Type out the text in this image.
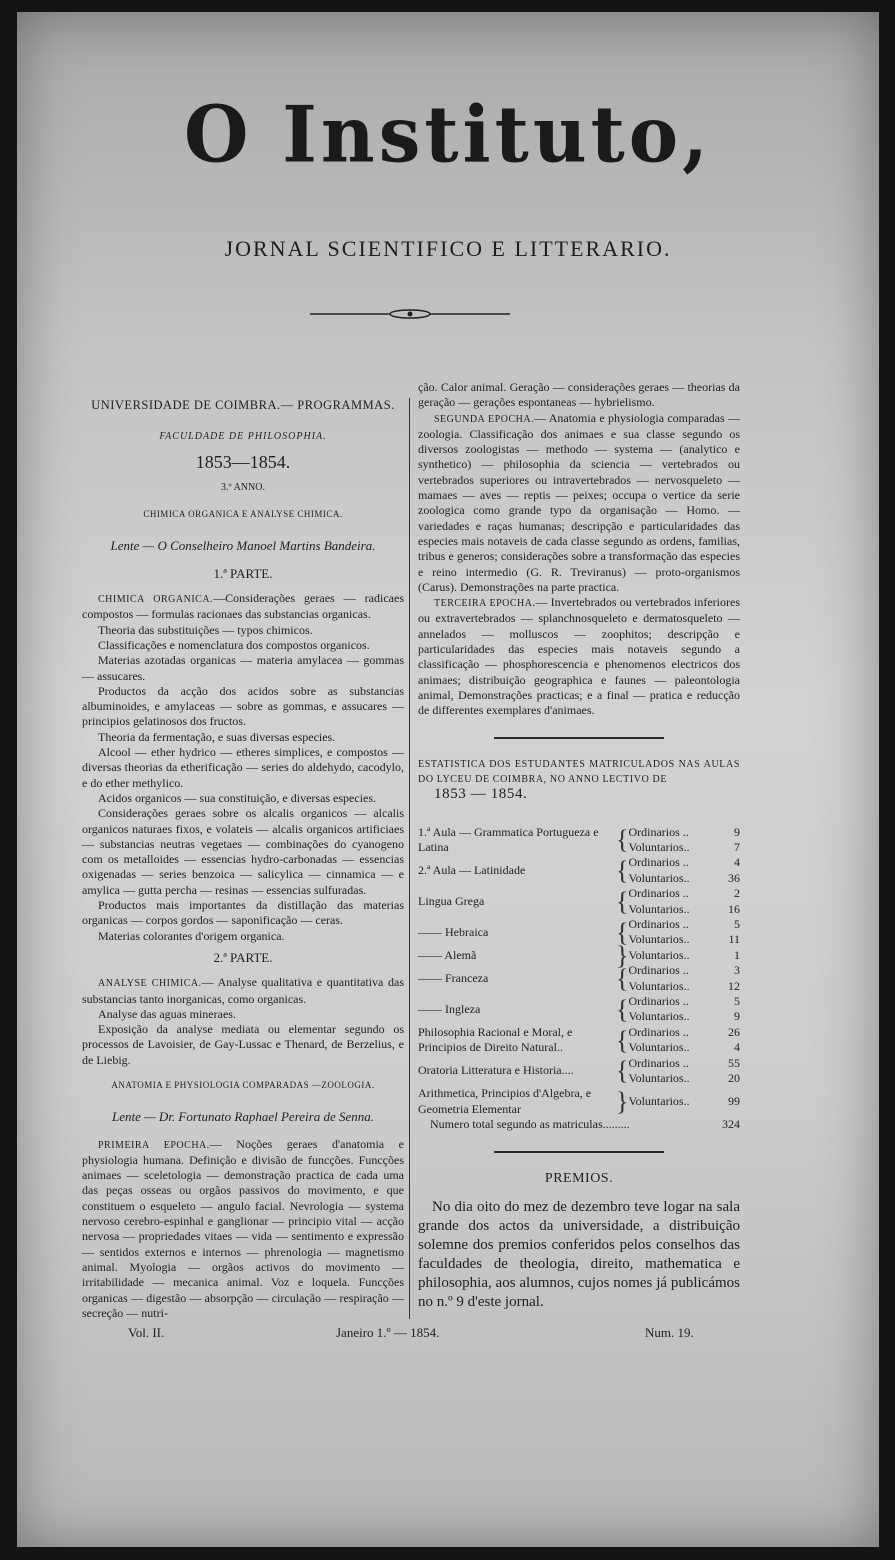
O Instituto,
JORNAL SCIENTIFICO E LITTERARIO.
UNIVERSIDADE DE COIMBRA.— PROGRAMMAS.
FACULDADE DE PHILOSOPHIA.
1853—1854.
3.º ANNO.
CHIMICA ORGANICA E ANALYSE CHIMICA.
Lente — O Conselheiro Manoel Martins Bandeira.
1.ª PARTE.
CHIMICA ORGANICA.—Considerações geraes — radicaes compostos — formulas racionaes das substancias organicas.
Theoria das substituições — typos chimicos.
Classificações e nomenclatura dos compostos organicos.
Materias azotadas organicas — materia amylacea — gommas — assucares.
Productos da acção dos acidos sobre as substancias albuminoides, e amylaceas — sobre as gommas, e assucares — principios gelatinosos dos fructos.
Theoria da fermentação, e suas diversas especies.
Alcool — ether hydrico — etheres simplices, e compostos — diversas theorias da etherificação — series do aldehydo, cacodylo, e do ether methylico.
Acidos organicos — sua constituição, e diversas especies.
Considerações geraes sobre os alcalis organicos — alcalis organicos naturaes fixos, e volateis — alcalis organicos artificiaes — substancias neutras vegetaes — combinações do cyanogeno com os metalloides — essencias hydro-carbonadas — essencias oxigenadas — series benzoica — salicylica — cinnamica — e amylica — gutta percha — resinas — essencias sulfuradas.
Productos mais importantes da distillação das materias organicas — corpos gordos — saponificação — ceras.
Materias colorantes d'origem organica.
2.ª PARTE.
ANALYSE CHIMICA.— Analyse qualitativa e quantitativa das substancias tanto inorganicas, como organicas.
Analyse das aguas mineraes.
Exposição da analyse mediata ou elementar segundo os processos de Lavoisier, de Gay-Lussac e Thenard, de Berzelius, e de Liebig.
ANATOMIA E PHYSIOLOGIA COMPARADAS —ZOOLOGIA.
Lente — Dr. Fortunato Raphael Pereira de Senna.
PRIMEIRA EPOCHA.— Noções geraes d'anatomia e physiologia humana. Definição e divisão de funcções. Funcções animaes — sceletologia — demonstração practica de cada uma das peças osseas ou orgãos passivos do movimento, e que constituem o esqueleto — angulo facial. Nevrologia — systema nervoso cerebro-espinhal e ganglionar — principio vital — acção nervosa — propriedades vitaes — vida — sentimento e expressão — sentidos externos e internos — phrenologia — magnetismo animal. Myologia — orgãos activos do movimento — irritabilidade — mecanica animal. Voz e loquela. Funcções organicas — digestão — absorpção — circulação — respiração — secreção — nutri-
ção. Calor animal. Geração — considerações geraes — theorias da geração — gerações espontaneas — hybrielismo.
SEGUNDA EPOCHA.— Anatomia e physiologia comparadas — zoologia. Classificação dos animaes e sua classe segundo os diversos zoologistas — methodo — systema — (analytico e synthetico) — philosophia da sciencia — vertebrados ou vertebrados superiores ou intravertebrados — nervosqueleto — mamaes — aves — reptis — peixes; occupa o vertice da serie zoologica como grande typo da organisação — Homo. — variedades e raças humanas; descripção e particularidades das especies mais notaveis de cada classe segundo as ordens, familias, tribus e generos; considerações sobre a transformação das especies e reino intermedio (G. R. Treviranus) — proto-organismos (Carus). Demonstrações na parte practica.
TERCEIRA EPOCHA.— Invertebrados ou vertebrados inferiores ou extravertebrados — splanchnosqueleto e dermatosqueleto — annelados — molluscos — zoophitos; descripção e particularidades das especies mais notaveis segundo a classificação — phosphorescencia e phenomenos electricos dos animaes; distribuição geographica e faunes — paleontologia animal, Demonstrações practicas; e a final — pratica e reducção de differentes exemplares d'animaes.
ESTATISTICA DOS ESTUDANTES MATRICULADOS NAS AULAS DO LYCEU DE COIMBRA, NO ANNO LECTIVO DE
1853 — 1854.
1.ª Aula — Grammatica Portugueza e Latina	{	Ordinarios ..	9
		Voluntarios..	7
2.ª Aula — Latinidade	{	Ordinarios ..	4
		Voluntarios..	36
Lingua Grega	{	Ordinarios ..	2
		Voluntarios..	16
—— Hebraica	{	Ordinarios ..	5
		Voluntarios..	11
—— Alemã	}	Voluntarios..	1
—— Franceza	{	Ordinarios ..	3
		Voluntarios..	12
—— Ingleza	{	Ordinarios ..	5
		Voluntarios..	9
Philosophia Racional e Moral, e Principios de Direito Natural..	{	Ordinarios ..	26
		Voluntarios..	4
Oratoria Litteratura e Historia....	{	Ordinarios ..	55
		Voluntarios..	20
Arithmetica, Principios d'Algebra, e Geometria Elementar	}	Voluntarios..	99
Numero total segundo as matriculas.........			324
PREMIOS.
No dia oito do mez de dezembro teve logar na sala grande dos actos da universidade, a distribuição solemne dos premios conferidos pelos conselhos das faculdades de theologia, direito, mathematica e philosophia, aos alumnos, cujos nomes já publicámos no n.º 9 d'este jornal.
Vol. II.	Janeiro 1.º — 1854.	Num. 19.
